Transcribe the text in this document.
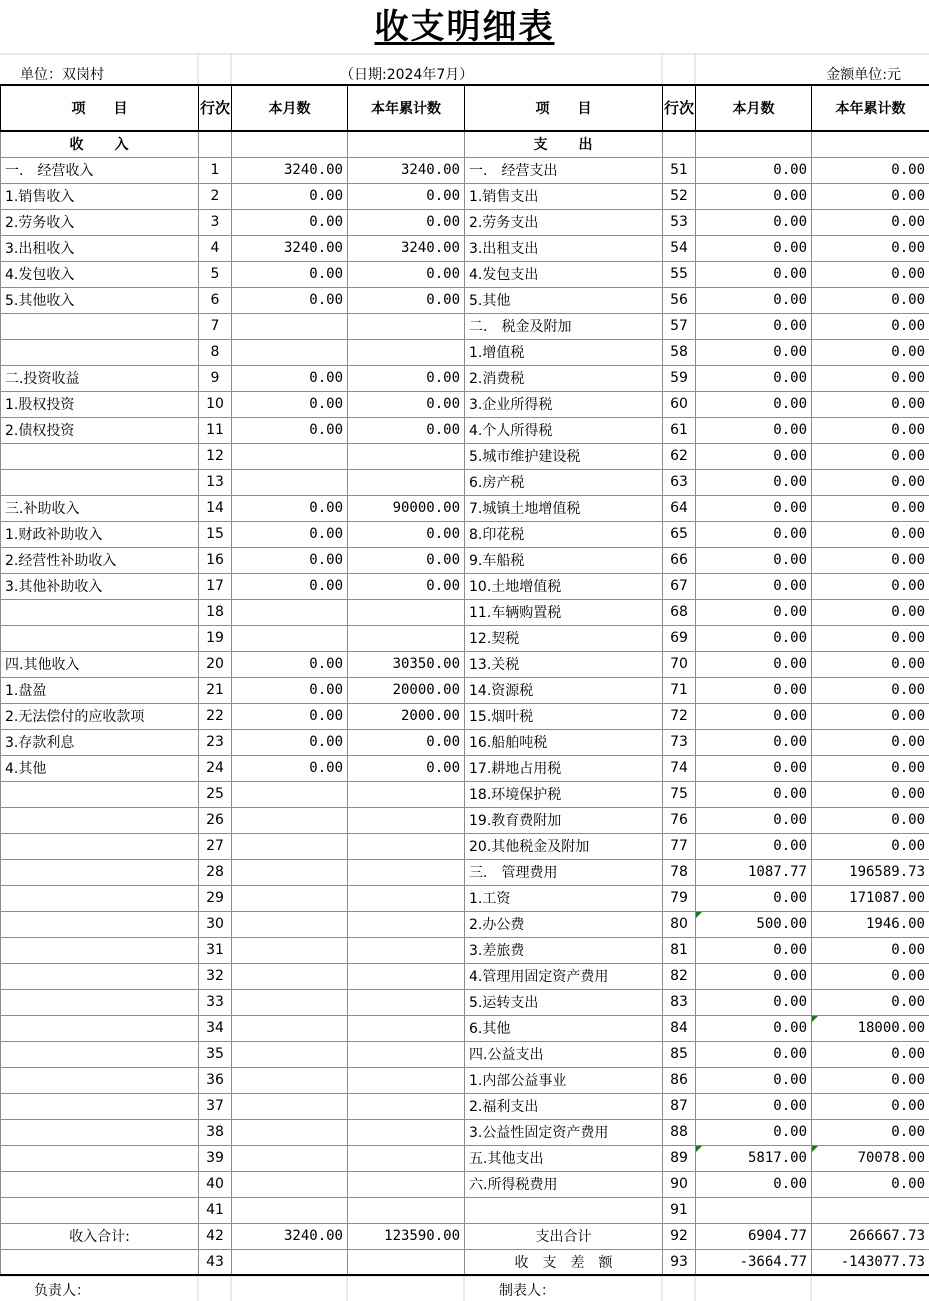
收支明细表
单位：双岗村	（日期:2024年7月）	金额单位:元
项　　目	行次	本月数	本年累计数	项　　目	行次	本月数	本年累计数
收　　入				支　　出			
一.　经营收入	1	3240.00	3240.00	一.　经营支出	51	0.00	0.00
1.销售收入	2	0.00	0.00	1.销售支出	52	0.00	0.00
2.劳务收入	3	0.00	0.00	2.劳务支出	53	0.00	0.00
3.出租收入	4	3240.00	3240.00	3.出租支出	54	0.00	0.00
4.发包收入	5	0.00	0.00	4.发包支出	55	0.00	0.00
5.其他收入	6	0.00	0.00	5.其他	56	0.00	0.00
	7			二.　税金及附加	57	0.00	0.00
	8			1.增值税	58	0.00	0.00
二.投资收益	9	0.00	0.00	2.消费税	59	0.00	0.00
1.股权投资	10	0.00	0.00	3.企业所得税	60	0.00	0.00
2.债权投资	11	0.00	0.00	4.个人所得税	61	0.00	0.00
	12			5.城市维护建设税	62	0.00	0.00
	13			6.房产税	63	0.00	0.00
三.补助收入	14	0.00	90000.00	7.城镇土地增值税	64	0.00	0.00
1.财政补助收入	15	0.00	0.00	8.印花税	65	0.00	0.00
2.经营性补助收入	16	0.00	0.00	9.车船税	66	0.00	0.00
3.其他补助收入	17	0.00	0.00	10.土地增值税	67	0.00	0.00
	18			11.车辆购置税	68	0.00	0.00
	19			12.契税	69	0.00	0.00
四.其他收入	20	0.00	30350.00	13.关税	70	0.00	0.00
1.盘盈	21	0.00	20000.00	14.资源税	71	0.00	0.00
2.无法偿付的应收款项	22	0.00	2000.00	15.烟叶税	72	0.00	0.00
3.存款利息	23	0.00	0.00	16.船舶吨税	73	0.00	0.00
4.其他	24	0.00	0.00	17.耕地占用税	74	0.00	0.00
	25			18.环境保护税	75	0.00	0.00
	26			19.教育费附加	76	0.00	0.00
	27			20.其他税金及附加	77	0.00	0.00
	28			三.　管理费用	78	1087.77	196589.73
	29			1.工资	79	0.00	171087.00
	30			2.办公费	80	500.00	1946.00
	31			3.差旅费	81	0.00	0.00
	32			4.管理用固定资产费用	82	0.00	0.00
	33			5.运转支出	83	0.00	0.00
	34			6.其他	84	0.00	18000.00
	35			四.公益支出	85	0.00	0.00
	36			1.内部公益事业	86	0.00	0.00
	37			2.福利支出	87	0.00	0.00
	38			3.公益性固定资产费用	88	0.00	0.00
	39			五.其他支出	89	5817.00	70078.00
	40			六.所得税费用	90	0.00	0.00
	41				91		
收入合计:	42	3240.00	123590.00	支出合计	92	6904.77	266667.73
	43			收　支　差　额	93	-3664.77	-143077.73
负责人：	制表人：
